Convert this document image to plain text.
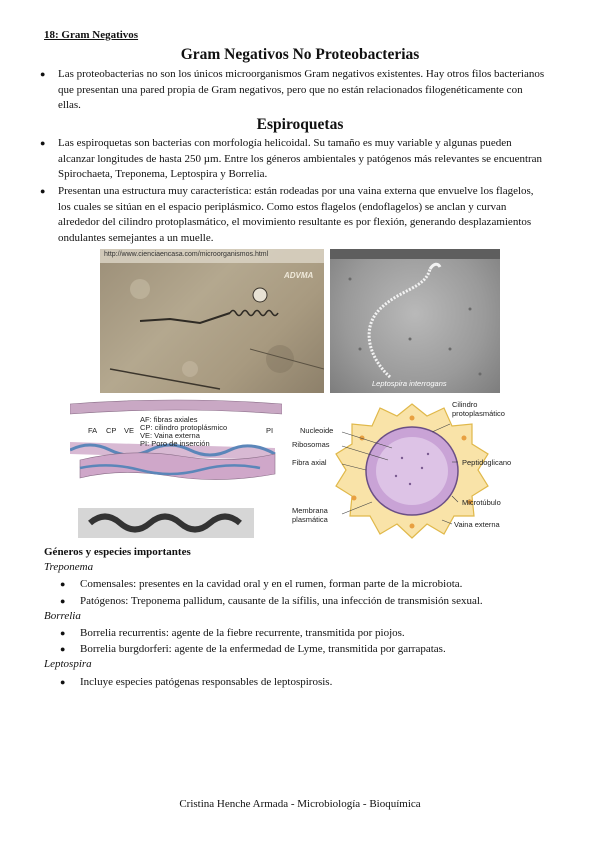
18: Gram Negativos
Gram Negativos No Proteobacterias
● Las proteobacterias no son los únicos microorganismos Gram negativos existentes. Hay otros filos bacterianos que presentan una pared propia de Gram negativos, pero que no están relacionados filogenéticamente con ellas.
Espiroquetas
● Las espiroquetas son bacterias con morfología helicoidal. Su tamaño es muy variable y algunas pueden alcanzar longitudes de hasta 250 µm. Entre los géneros ambientales y patógenos más relevantes se encuentran Spirochaeta, Treponema, Leptospira y Borrelia.
● Presentan una estructura muy característica: están rodeadas por una vaina externa que envuelve los flagelos, los cuales se sitúan en el espacio periplásmico. Como estos flagelos (endoflagelos) se anclan y curvan alrededor del cilindro protoplasmático, el movimiento resultante es por flexión, generando desplazamientos ondulantes semejantes a un muelle.
http://www.cienciaencasa.com/microorganismos.html
ADVMA
Leptospira interrogans
AF: fibras axiales
CP: cilindro protoplásmico
VE: Vaina externa
PI: Poro de inserción
FA CP VE	PI
Cilindro protoplasmático
Nucleoide
Ribosomas
Fibra axial
Membrana plasmática
Peptidoglicano
Microtúbulo
Vaina externa
Géneros y especies importantes
Treponema
● Comensales: presentes en la cavidad oral y en el rumen, forman parte de la microbiota.
● Patógenos: Treponema pallidum, causante de la sífilis, una infección de transmisión sexual.
Borrelia
● Borrelia recurrentis: agente de la fiebre recurrente, transmitida por piojos.
● Borrelia burgdorferi: agente de la enfermedad de Lyme, transmitida por garrapatas.
Leptospira
● Incluye especies patógenas responsables de leptospirosis.
Cristina Henche Armada - Microbiología - Bioquímica
